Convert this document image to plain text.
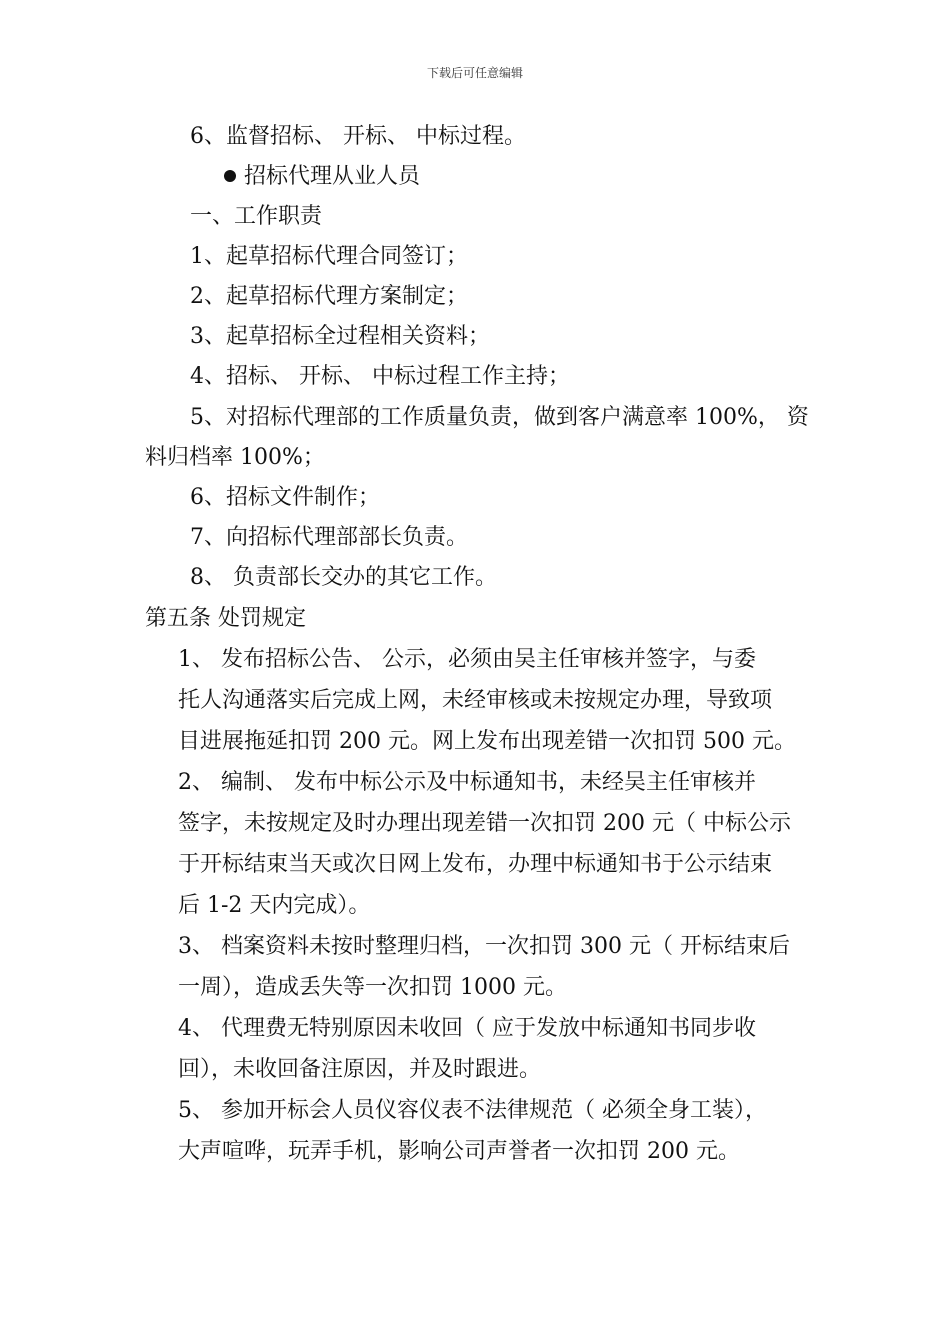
下载后可任意编辑
6、监督招标、 开标、 中标过程。
招标代理从业人员
一、工作职责
1、起草招标代理合同签订；
2、起草招标代理方案制定；
3、起草招标全过程相关资料；
4、招标、 开标、 中标过程工作主持；
5、对招标代理部的工作质量负责，做到客户满意率 100%， 资
料归档率 100%；
6、招标文件制作；
7、向招标代理部部长负责。
8、 负责部长交办的其它工作。
第五条 处罚规定
1、 发布招标公告、 公示，必须由吴主任审核并签字，与委
托人沟通落实后完成上网，未经审核或未按规定办理，导致项
目进展拖延扣罚 200 元。网上发布出现差错一次扣罚 500 元。
2、 编制、 发布中标公示及中标通知书，未经吴主任审核并
签字，未按规定及时办理出现差错一次扣罚 200 元（ 中标公示
于开标结束当天或次日网上发布，办理中标通知书于公示结束
后 1-2 天内完成）。
3、 档案资料未按时整理归档，一次扣罚 300 元（ 开标结束后
一周），造成丢失等一次扣罚 1000 元。
4、 代理费无特别原因未收回（ 应于发放中标通知书同步收
回），未收回备注原因，并及时跟进。
5、 参加开标会人员仪容仪表不法律规范（ 必须全身工装），
大声喧哗，玩弄手机，影响公司声誉者一次扣罚 200 元。
